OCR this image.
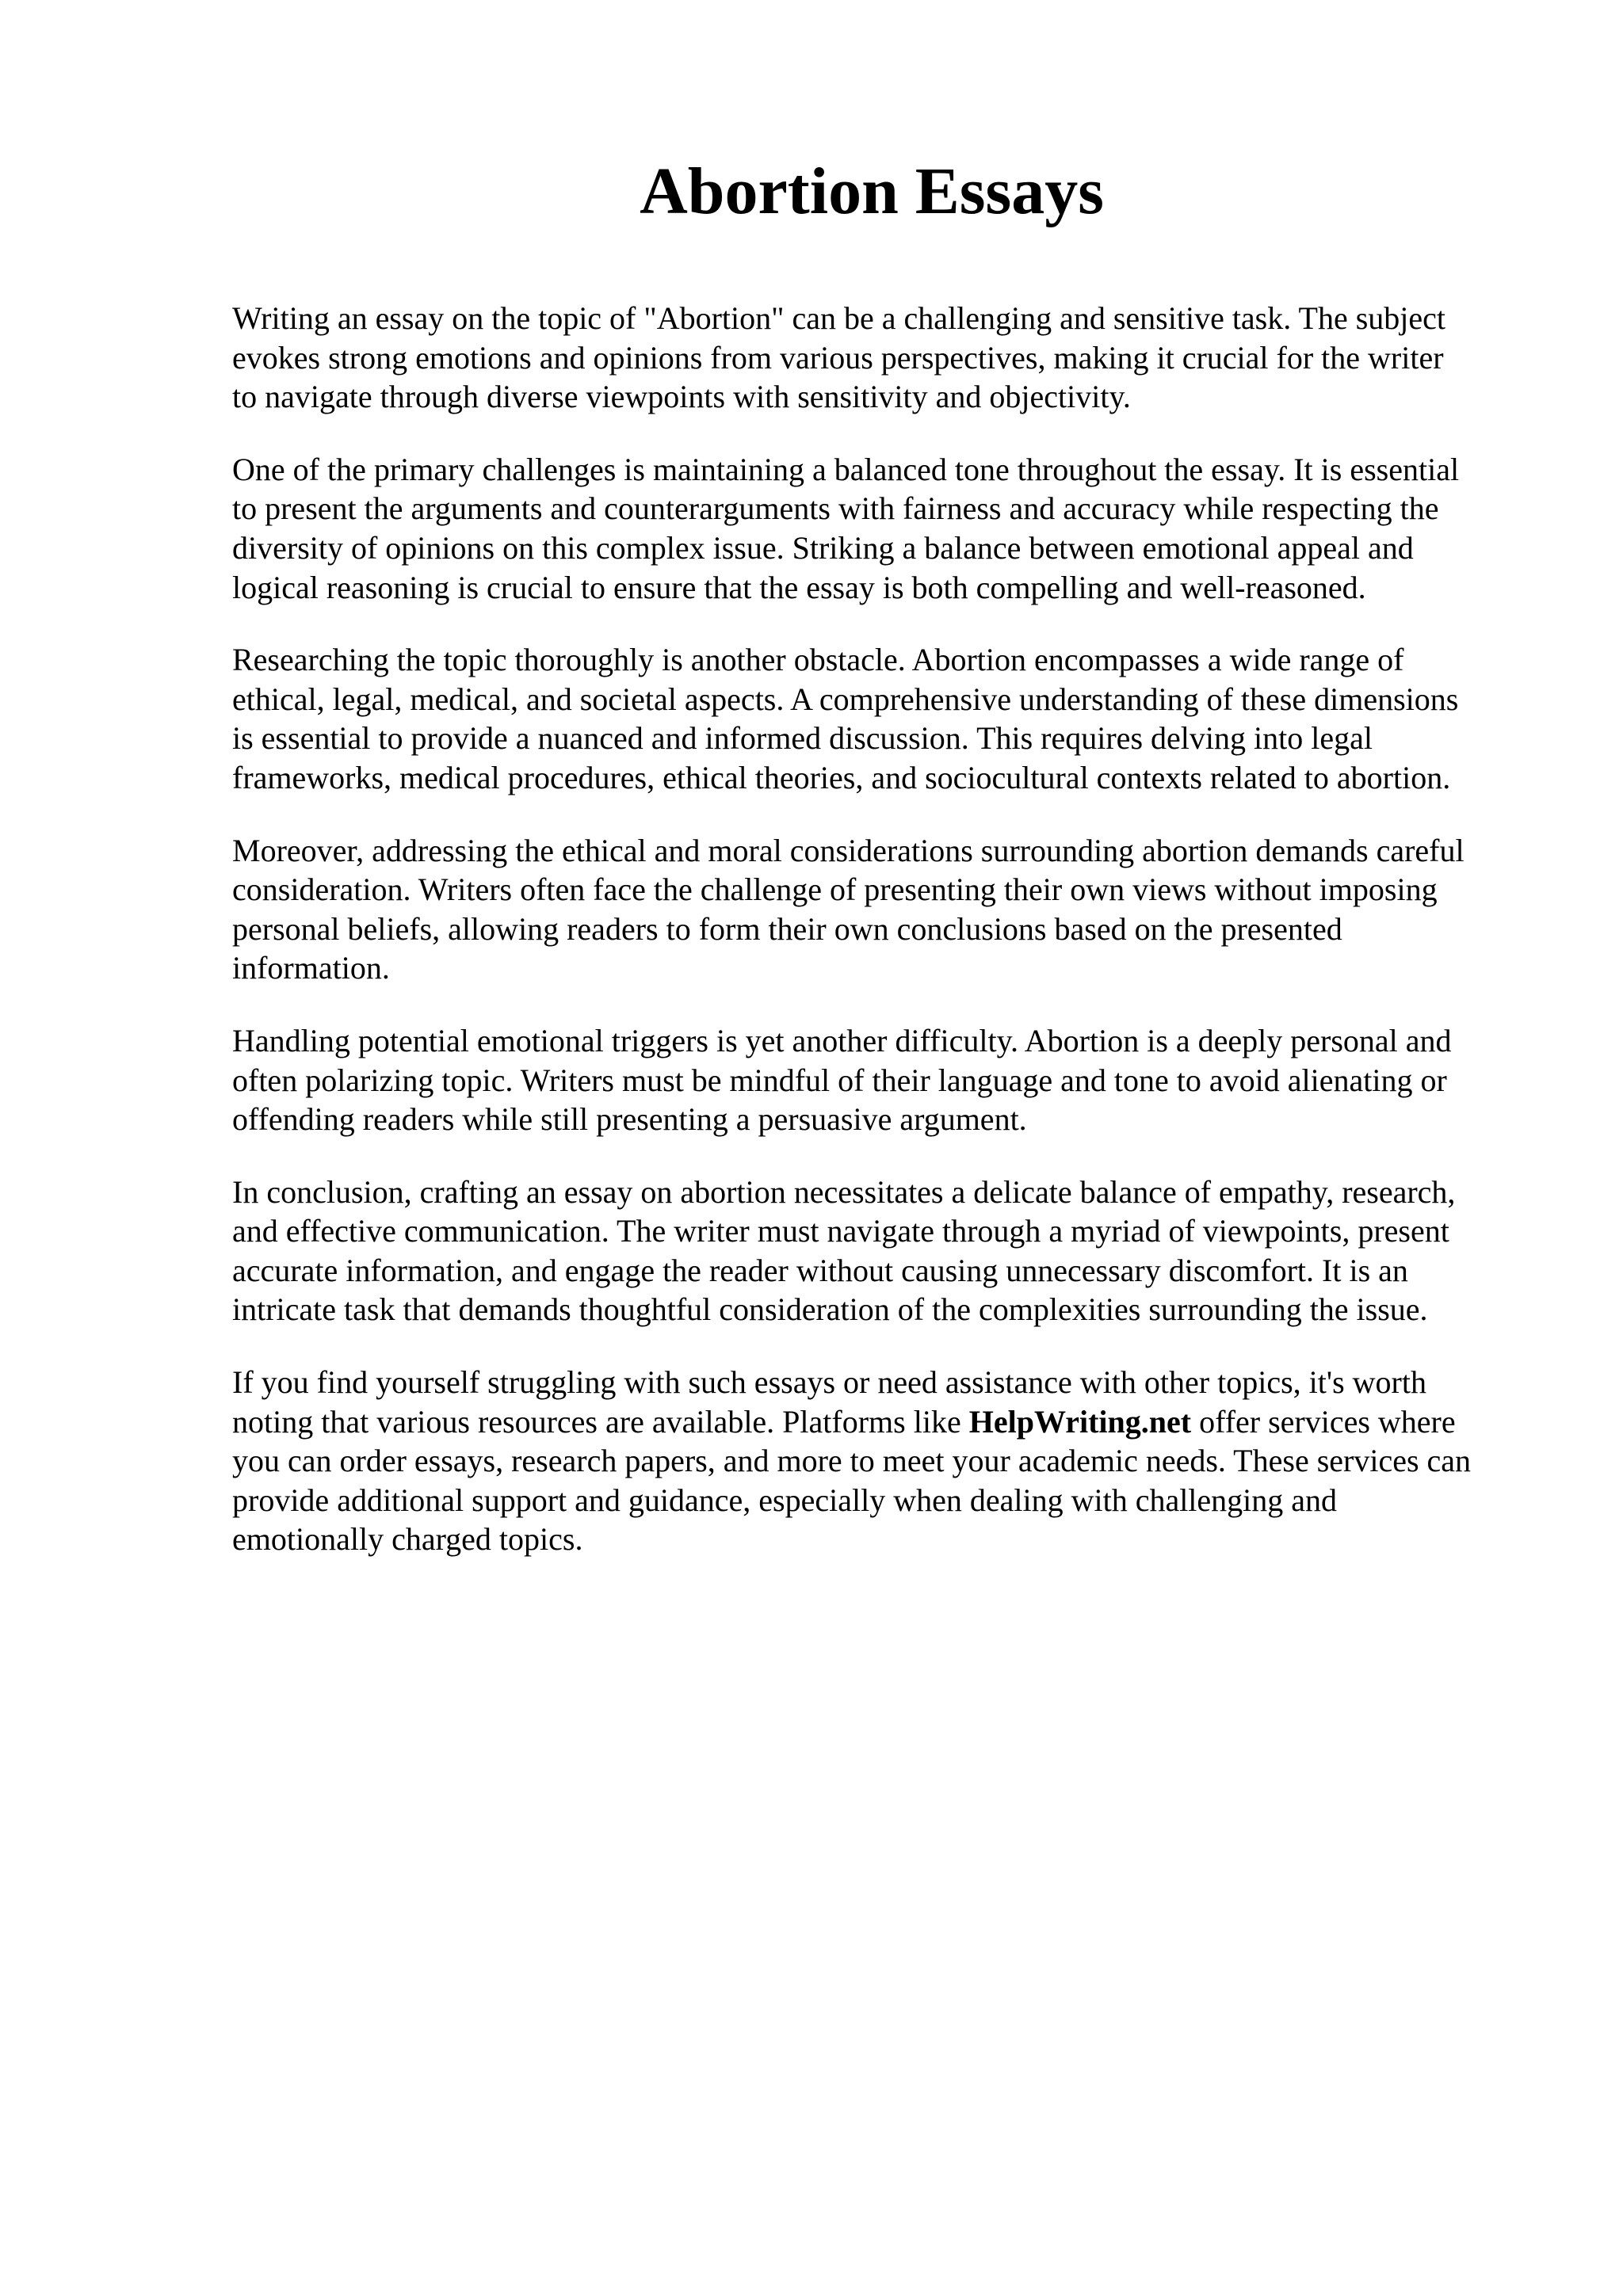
Abortion Essays

Writing an essay on the topic of "Abortion" can be a challenging and sensitive task. The subject
evokes strong emotions and opinions from various perspectives, making it crucial for the writer
to navigate through diverse viewpoints with sensitivity and objectivity.

One of the primary challenges is maintaining a balanced tone throughout the essay. It is essential
to present the arguments and counterarguments with fairness and accuracy while respecting the
diversity of opinions on this complex issue. Striking a balance between emotional appeal and
logical reasoning is crucial to ensure that the essay is both compelling and well-reasoned.

Researching the topic thoroughly is another obstacle. Abortion encompasses a wide range of
ethical, legal, medical, and societal aspects. A comprehensive understanding of these dimensions
is essential to provide a nuanced and informed discussion. This requires delving into legal
frameworks, medical procedures, ethical theories, and sociocultural contexts related to abortion.

Moreover, addressing the ethical and moral considerations surrounding abortion demands careful
consideration. Writers often face the challenge of presenting their own views without imposing
personal beliefs, allowing readers to form their own conclusions based on the presented
information.

Handling potential emotional triggers is yet another difficulty. Abortion is a deeply personal and
often polarizing topic. Writers must be mindful of their language and tone to avoid alienating or
offending readers while still presenting a persuasive argument.

In conclusion, crafting an essay on abortion necessitates a delicate balance of empathy, research,
and effective communication. The writer must navigate through a myriad of viewpoints, present
accurate information, and engage the reader without causing unnecessary discomfort. It is an
intricate task that demands thoughtful consideration of the complexities surrounding the issue.

If you find yourself struggling with such essays or need assistance with other topics, it's worth
noting that various resources are available. Platforms like HelpWriting.net offer services where
you can order essays, research papers, and more to meet your academic needs. These services can
provide additional support and guidance, especially when dealing with challenging and
emotionally charged topics.
